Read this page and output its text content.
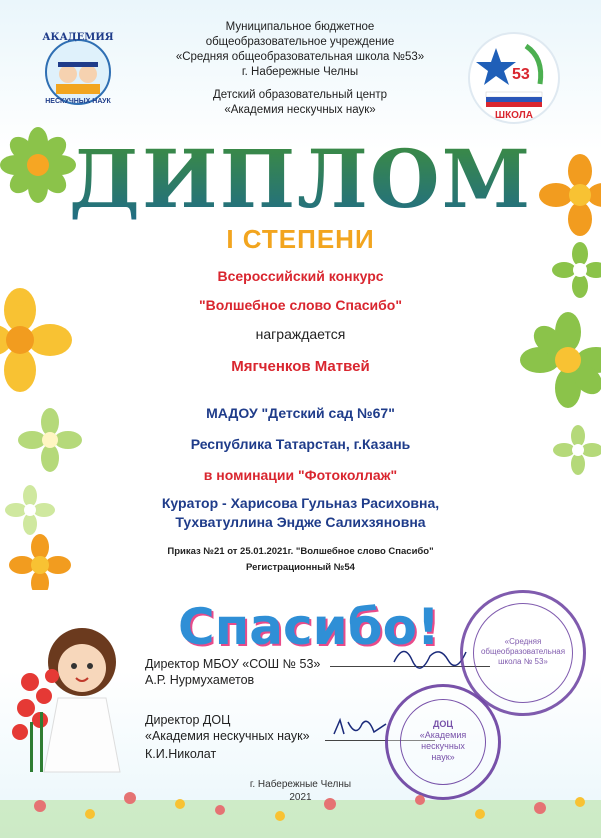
Муниципальное бюджетное
общеобразовательное учреждение
«Средняя общеобразовательная школа №53»
г. Набережные Челны
Детский образовательный центр
«Академия нескучных наук»
АКАДЕМИЯ
НЕСКУЧНЫХ НАУК
53
ШКОЛА
ДИПЛОМ
I СТЕПЕНИ
Всероссийский конкурс
"Волшебное слово Спасибо"
награждается
Мягченков Матвей
МАДОУ "Детский сад №67"
Республика Татарстан, г.Казань
в номинации "Фотоколлаж"
Куратор - Харисова Гульназ Расиховна,
Тухватуллина Эндже Салихзяновна
Приказ №21 от 25.01.2021г. "Волшебное слово Спасибо"
Регистрационный №54
Спасибо!
Директор МБОУ «СОШ № 53»
А.Р. Нурмухаметов
Директор ДОЦ
«Академия нескучных наук»
К.И.Николат
«Средняя
общеобразовательная
школа № 53»
ДОЦ
«Академия
нескучных
наук»
г. Набережные Челны
2021
